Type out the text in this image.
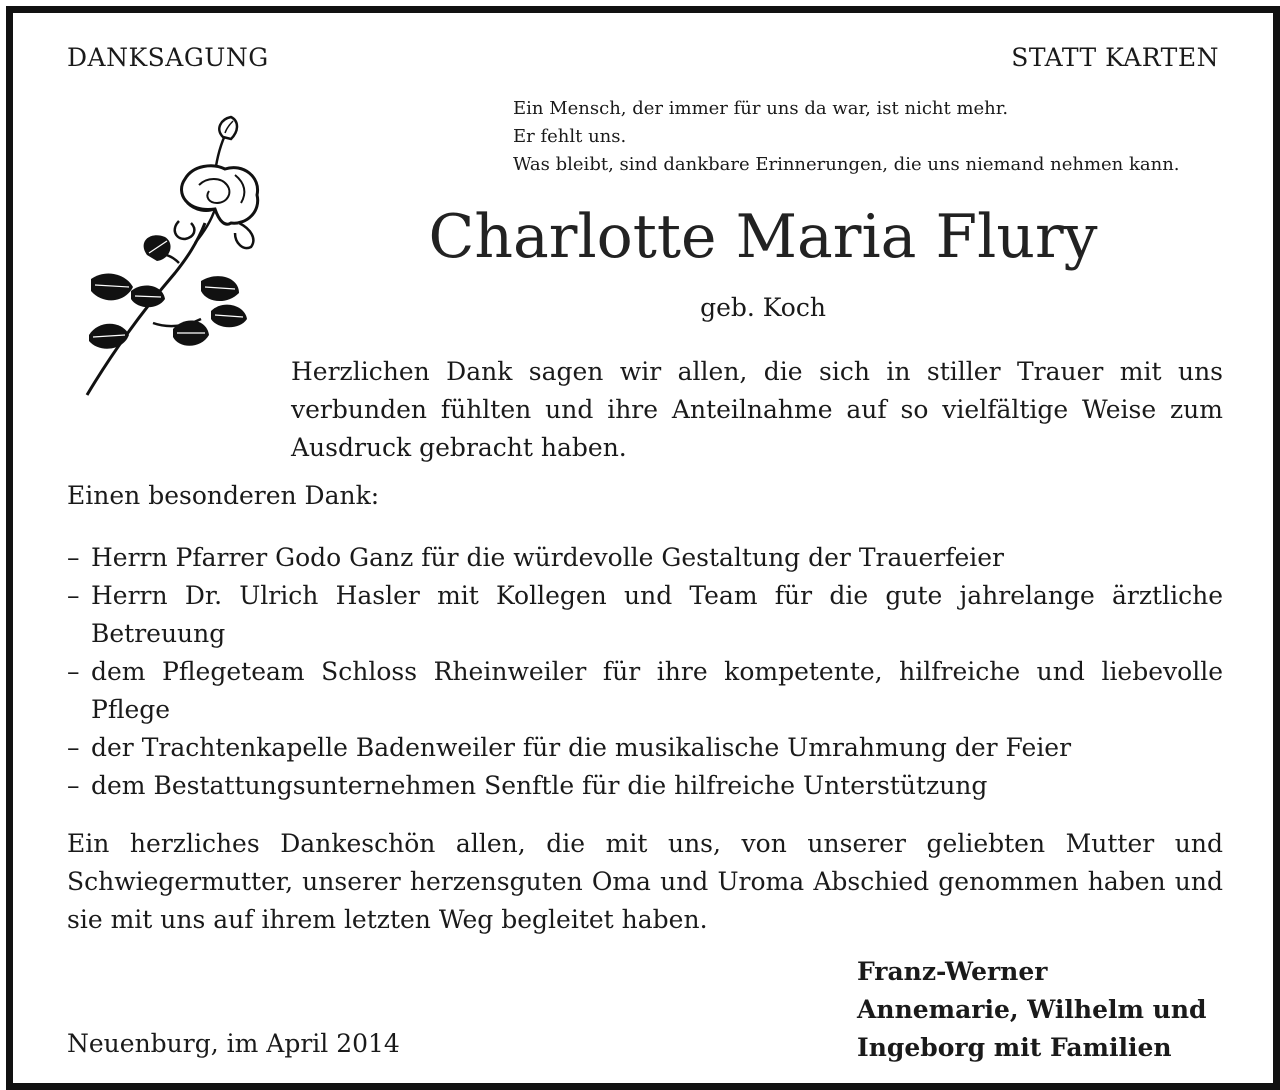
DANKSAGUNG	STATT KARTEN
Ein Mensch, der immer für uns da war, ist nicht mehr.
Er fehlt uns.
Was bleibt, sind dankbare Erinnerungen, die uns niemand nehmen kann.
Charlotte Maria Flury
geb. Koch

Herzlichen Dank sagen wir allen, die sich in stiller Trauer mit uns verbunden fühlten und ihre Anteilnahme auf so vielfältige Weise zum Ausdruck gebracht haben.

Einen besonderen Dank:
– Herrn Pfarrer Godo Ganz für die würdevolle Gestaltung der Trauerfeier
– Herrn Dr. Ulrich Hasler mit Kollegen und Team für die gute jahrelange ärztliche Betreuung
– dem Pflegeteam Schloss Rheinweiler für ihre kompetente, hilfreiche und liebevolle Pflege
– der Trachtenkapelle Badenweiler für die musikalische Umrahmung der Feier
– dem Bestattungsunternehmen Senftle für die hilfreiche Unterstützung

Ein herzliches Dankeschön allen, die mit uns, von unserer geliebten Mutter und Schwiegermutter, unserer herzensguten Oma und Uroma Abschied genommen haben und sie mit uns auf ihrem letzten Weg begleitet haben.

Neuenburg, im April 2014
Franz-Werner
Annemarie, Wilhelm und
Ingeborg mit Familien
